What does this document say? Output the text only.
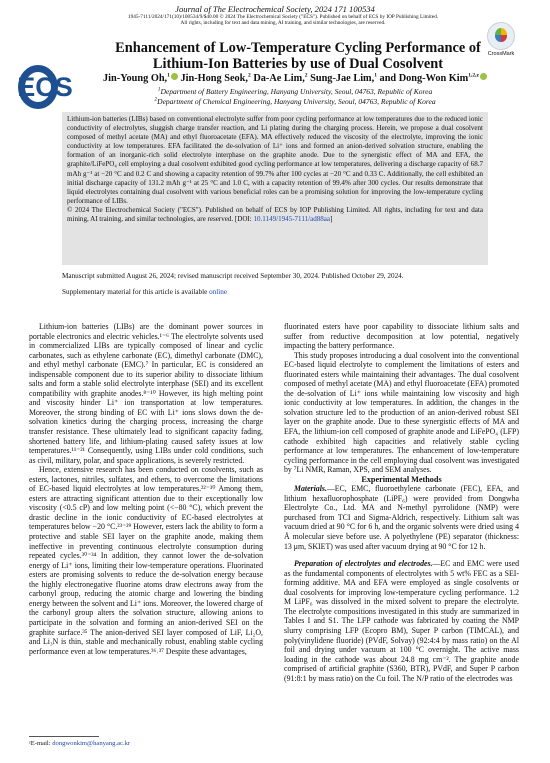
Journal of The Electrochemical Society, 2024 171 100534
1945-7111/2024/171(10)/100534/9/$40.00 © 2024 The Electrochemical Society ("ECS"). Published on behalf of ECS by IOP Publishing Limited.
All rights, including for text and data mining, AI training, and similar technologies, are reserved.
ECS
CrossMark
Enhancement of Low-Temperature Cycling Performance of
Lithium-Ion Batteries by use of Dual Cosolvent
Jin-Young Oh,$^1$ Jin-Hong Seok,$^2$ Da-Ae Lim,$^2$ Sung-Jae Lim,$^1$ and Dong-Won Kim$^{1,2,z}$
$^1$Department of Battery Engineering, Hanyang University, Seoul, 04763, Republic of Korea
$^2$Department of Chemical Engineering, Hanyang University, Seoul, 04763, Republic of Korea
Lithium-ion batteries (LIBs) based on conventional electrolyte suffer from poor cycling performance at low temperatures due to the reduced ionic conductivity of electrolytes, sluggish charge transfer reaction, and Li plating during the charging process. Herein, we propose a dual cosolvent composed of methyl acetate (MA) and ethyl fluoroacetate (EFA). MA effectively reduced the viscosity of the electrolyte, improving the ionic conductivity at low temperatures. EFA facilitated the de-solvation of Li⁺ ions and formed an anion-derived solvation structure, enabling the formation of an inorganic-rich solid electrolyte interphase on the graphite anode. Due to the synergistic effect of MA and EFA, the graphite/LiFePO₄ cell employing a dual cosolvent exhibited good cycling performance at low temperatures, delivering a discharge capacity of 68.7 mAh g⁻¹ at −20 °C and 0.2 C and showing a capacity retention of 99.7% after 100 cycles at −20 °C and 0.33 C. Additionally, the cell exhibited an initial discharge capacity of 131.2 mAh g⁻¹ at 25 °C and 1.0 C, with a capacity retention of 99.4% after 300 cycles. Our results demonstrate that liquid electrolytes containing dual cosolvent with various beneficial roles can be a promising solution for improving the low-temperature cycling performance of LIBs.
© 2024 The Electrochemical Society ("ECS"). Published on behalf of ECS by IOP Publishing Limited. All rights, including for text and data mining, AI training, and similar technologies, are reserved. [DOI: 10.1149/1945-7111/ad88aa]
Manuscript submitted August 26, 2024; revised manuscript received September 30, 2024. Published October 29, 2024.
Supplementary material for this article is available online

Lithium-ion batteries (LIBs) are the dominant power sources in portable electronics and electric vehicles.¹⁻⁶ The electrolyte solvents used in commercialized LIBs are typically composed of linear and cyclic carbonates, such as ethylene carbonate (EC), dimethyl carbonate (DMC), and ethyl methyl carbonate (EMC).⁷ In particular, EC is considered an indispensable component due to its superior ability to dissociate lithium salts and form a stable solid electrolyte interphase (SEI) and its excellent compatibility with graphite anodes.⁸⁻¹⁰ However, its high melting point and viscosity hinder Li⁺ ion transportation at low temperatures. Moreover, the strong binding of EC with Li⁺ ions slows down the de-solvation kinetics during the charging process, increasing the charge transfer resistance. These ultimately lead to significant capacity fading, shortened battery life, and lithium-plating caused safety issues at low temperatures.¹¹⁻²¹ Consequently, using LIBs under cold conditions, such as civil, military, polar, and space applications, is severely restricted.

Hence, extensive research has been conducted on cosolvents, such as esters, lactones, nitriles, sulfates, and ethers, to overcome the limitations of EC-based liquid electrolytes at low temperatures.²²⁻³⁰ Among them, esters are attracting significant attention due to their exceptionally low viscosity (<0.5 cP) and low melting point (<−80 °C), which prevent the drastic decline in the ionic conductivity of EC-based electrolytes at temperatures below −20 °C.²³⁻²⁹ However, esters lack the ability to form a protective and stable SEI layer on the graphite anode, making them ineffective in preventing continuous electrolyte consumption during repeated cycles.³⁰⁻³⁴ In addition, they cannot lower the de-solvation energy of Li⁺ ions, limiting their low-temperature operations. Fluorinated esters are promising solvents to reduce the de-solvation energy because the highly electronegative fluorine atoms draw electrons away from the carbonyl group, reducing the atomic charge and lowering the binding energy between the solvent and Li⁺ ions. Moreover, the lowered charge of the carbonyl group alters the solvation structure, allowing anions to participate in the solvation and forming an anion-derived SEI on the graphite surface.³⁵ The anion-derived SEI layer composed of LiF, Li₂O, and Li₃N is thin, stable and mechanically robust, enabling stable cycling performance even at low temperatures.³⁶˒³⁷ Despite these advantages,

fluorinated esters have poor capability to dissociate lithium salts and suffer from reductive decomposition at low potential, negatively impacting the battery performance.

This study proposes introducing a dual cosolvent into the conventional EC-based liquid electrolyte to complement the limitations of esters and fluorinated esters while maintaining their advantages. The dual cosolvent composed of methyl acetate (MA) and ethyl fluoroacetate (EFA) promoted the de-solvation of Li⁺ ions while maintaining low viscosity and high ionic conductivity at low temperatures. In addition, the changes in the solvation structure led to the production of an anion-derived robust SEI layer on the graphite anode. Due to these synergistic effects of MA and EFA, the lithium-ion cell composed of graphite anode and LiFePO₄ (LFP) cathode exhibited high capacities and relatively stable cycling performance at low temperatures. The enhancement of low-temperature cycling performance in the cell employing dual cosolvent was investigated by ⁷Li NMR, Raman, XPS, and SEM analyses.

Experimental Methods

Materials.—EC, EMC, fluoroethylene carbonate (FEC), EFA, and lithium hexafluorophosphate (LiPF₆) were provided from Dongwha Electrolyte Co., Ltd. MA and N-methyl pyrrolidone (NMP) were purchased from TCI and Sigma-Aldrich, respectively. Lithium salt was vacuum dried at 90 °C for 6 h, and the organic solvents were dried using 4 Å molecular sieve before use. A polyethylene (PE) separator (thickness: 13 μm, SKIET) was used after vacuum drying at 90 °C for 12 h.

Preparation of electrolytes and electrodes.—EC and EMC were used as the fundamental components of electrolytes with 5 wt% FEC as a SEI-forming additive. MA and EFA were employed as single cosolvents or dual cosolvents for improving low-temperature cycling performance. 1.2 M LiPF₆ was dissolved in the mixed solvent to prepare the electrolyte. The electrolyte compositions investigated in this study are summarized in Tables I and S1. The LFP cathode was fabricated by coating the NMP slurry comprising LFP (Ecopro BM), Super P carbon (TIMCAL), and poly(vinylidene fluoride) (PVdF, Solvay) (92:4:4 by mass ratio) on the Al foil and drying under vacuum at 100 °C overnight. The active mass loading in the cathode was about 24.8 mg cm⁻². The graphite anode comprised of artificial graphite (S360, BTR), PVdF, and Super P carbon (91:8:1 by mass ratio) on the Cu foil. The N/P ratio of the electrodes was

ᶻE-mail: dongwonkim@hanyang.ac.kr
